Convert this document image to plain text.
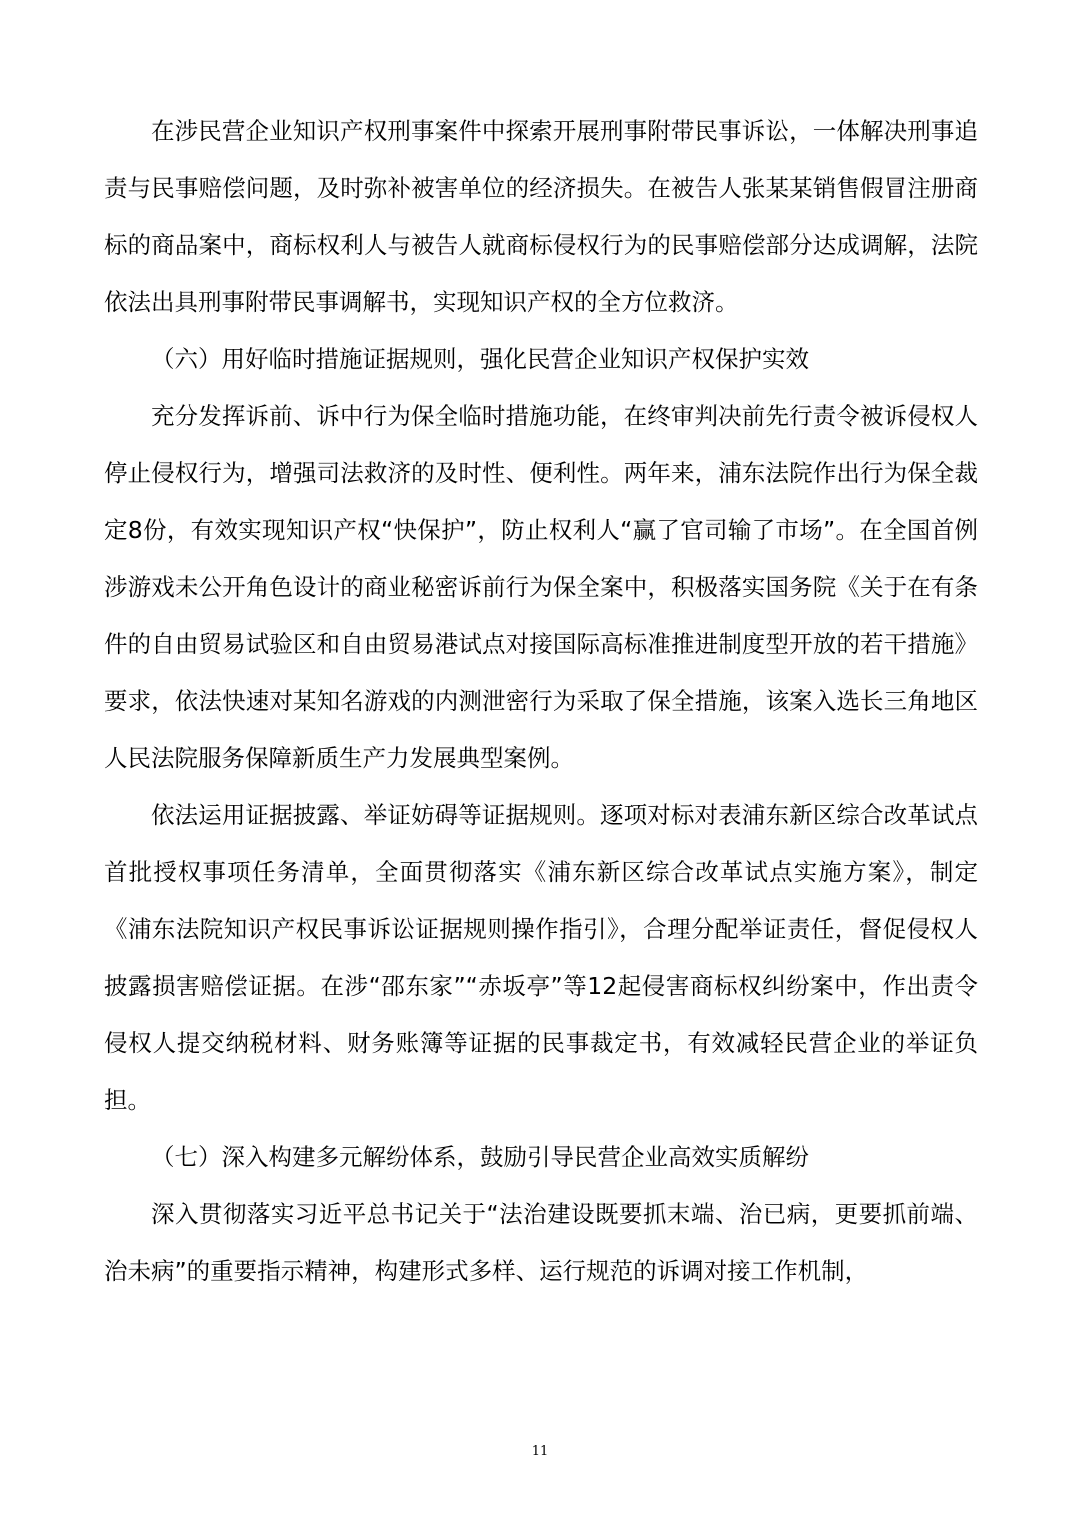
在涉民营企业知识产权刑事案件中探索开展刑事附带民事诉讼，一体解决刑事追责与民事赔偿问题，及时弥补被害单位的经济损失。在被告人张某某销售假冒注册商标的商品案中，商标权利人与被告人就商标侵权行为的民事赔偿部分达成调解，法院依法出具刑事附带民事调解书，实现知识产权的全方位救济。

（六）用好临时措施证据规则，强化民营企业知识产权保护实效

充分发挥诉前、诉中行为保全临时措施功能，在终审判决前先行责令被诉侵权人停止侵权行为，增强司法救济的及时性、便利性。两年来，浦东法院作出行为保全裁定8份，有效实现知识产权“快保护”，防止权利人“赢了官司输了市场”。在全国首例涉游戏未公开角色设计的商业秘密诉前行为保全案中，积极落实国务院《关于在有条件的自由贸易试验区和自由贸易港试点对接国际高标准推进制度型开放的若干措施》要求，依法快速对某知名游戏的内测泄密行为采取了保全措施，该案入选长三角地区人民法院服务保障新质生产力发展典型案例。

依法运用证据披露、举证妨碍等证据规则。逐项对标对表浦东新区综合改革试点首批授权事项任务清单，全面贯彻落实《浦东新区综合改革试点实施方案》，制定《浦东法院知识产权民事诉讼证据规则操作指引》，合理分配举证责任，督促侵权人披露损害赔偿证据。在涉“邵东家”“赤坂亭”等12起侵害商标权纠纷案中，作出责令侵权人提交纳税材料、财务账簿等证据的民事裁定书，有效减轻民营企业的举证负担。

（七）深入构建多元解纷体系，鼓励引导民营企业高效实质解纷

深入贯彻落实习近平总书记关于“法治建设既要抓末端、治已病，更要抓前端、治未病”的重要指示精神，构建形式多样、运行规范的诉调对接工作机制，

11
